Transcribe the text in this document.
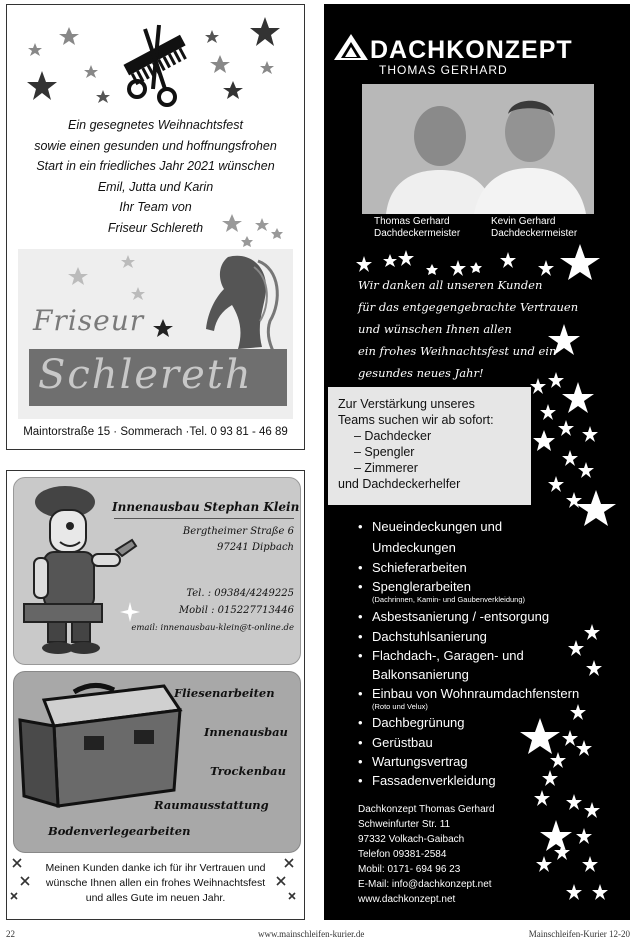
Ein gesegnetes Weihnachtsfest
sowie einen gesunden und hoffnungsfrohen
Start in ein friedliches Jahr 2021 wünschen
Emil, Jutta und Karin
Ihr Team von
Friseur Schlereth
Friseur
Schlereth
Maintorstraße 15 · Sommerach ·Tel. 0 93 81 - 46 89
Innenausbau Stephan Klein
Bergtheimer Straße 6
97241 Dipbach
Tel. : 09384/4249225
Mobil : 015227713446
email: innenausbau-klein@t-online.de
Fliesenarbeiten
Innenausbau
Trockenbau
Raumausstattung
Bodenverlegearbeiten
Meinen Kunden danke ich für ihr Vertrauen und
wünsche Ihnen allen ein frohes Weihnachtsfest
und alles Gute im neuen Jahr.
DACHKONZEPT
THOMAS GERHARD
Thomas Gerhard
Dachdeckermeister
Kevin Gerhard
Dachdeckermeister
Wir danken all unseren Kunden
für das entgegengebrachte Vertrauen
und wünschen Ihnen allen
ein frohes Weihnachtsfest und ein
gesundes neues Jahr!
Zur Verstärkung unseres
Teams suchen wir ab sofort:
– Dachdecker
– Spengler
– Zimmerer
und Dachdeckerhelfer
• Neueindeckungen und
Umdeckungen
• Schieferarbeiten
• Spenglerarbeiten
(Dachrinnen, Kamin- und Gaubenverkleidung)
• Asbestsanierung / -entsorgung
• Dachstuhlsanierung
• Flachdach-, Garagen- und
Balkonsanierung
• Einbau von Wohnraumdachfenstern
(Roto und Velux)
• Dachbegrünung
• Gerüstbau
• Wartungsvertrag
• Fassadenverkleidung
Dachkonzept Thomas Gerhard
Schweinfurter Str. 11
97332 Volkach-Gaibach
Telefon 09381-2584
Mobil: 0171- 694 96 23
E-Mail: info@dachkonzept.net
www.dachkonzept.net
22	www.mainschleifen-kurier.de	Mainschleifen-Kurier 12-20
